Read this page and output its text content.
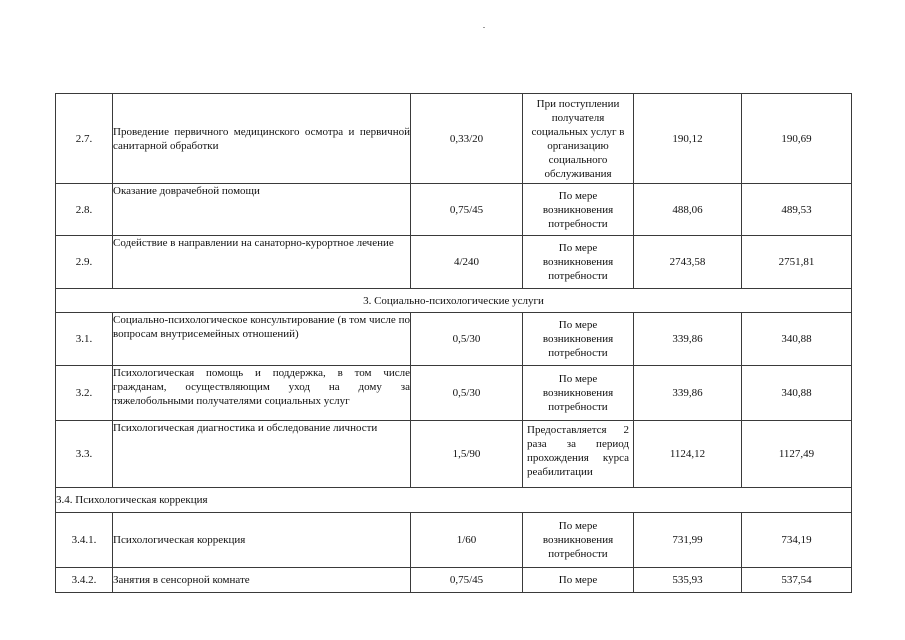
2.7.	Проведение первичного медицинского осмотра и первичной санитарной обработки	0,33/20	При поступлении получателя социальных услуг в организацию социального обслуживания	190,12	190,69
2.8.	Оказание доврачебной помощи	0,75/45	По мере возникновения потребности	488,06	489,53
2.9.	Содействие в направлении на санаторно-курортное лечение	4/240	По мере возникновения потребности	2743,58	2751,81
3. Социально-психологические услуги					
3.1.	Социально-психологическое консультирование (в том числе по вопросам внутрисемейных отношений)	0,5/30	По мере возникновения потребности	339,86	340,88
3.2.	Психологическая помощь и поддержка, в том числе гражданам, осуществляющим уход на дому за тяжелобольными получателями социальных услуг	0,5/30	По мере возникновения потребности	339,86	340,88
3.3.	Психологическая диагностика и обследование личности	1,5/90	Предоставляется 2 раза за период прохождения курса реабилитации	1124,12	1127,49
3.4. Психологическая коррекция					
3.4.1.	Психологическая коррекция	1/60	По мере возникновения потребности	731,99	734,19
3.4.2.	Занятия в сенсорной комнате	0,75/45	По мере	535,93	537,54
